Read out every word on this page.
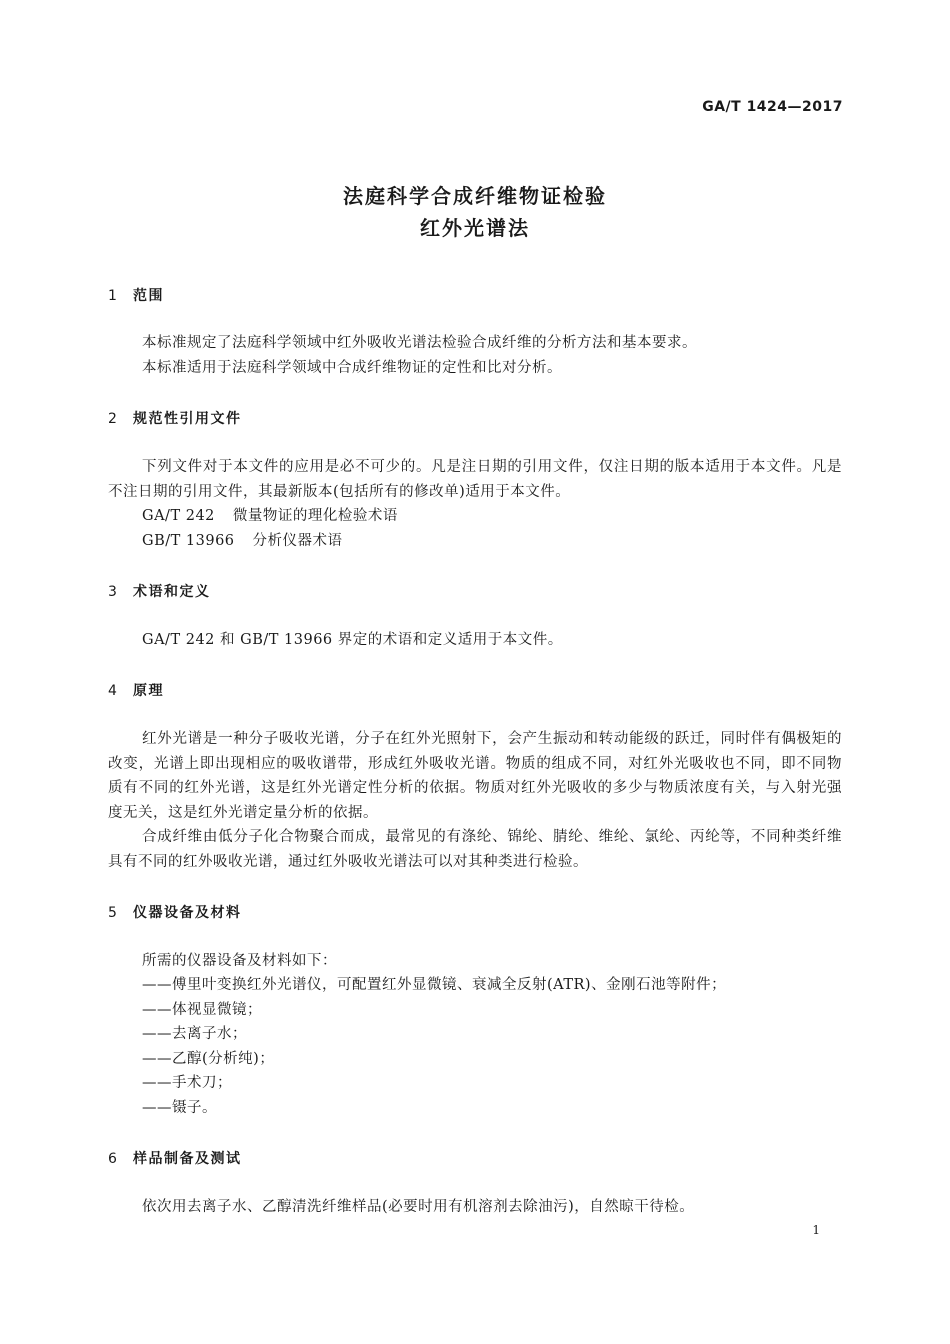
GA/T 1424—2017
法庭科学合成纤维物证检验
红外光谱法
1 范围
本标准规定了法庭科学领域中红外吸收光谱法检验合成纤维的分析方法和基本要求。
本标准适用于法庭科学领域中合成纤维物证的定性和比对分析。
2 规范性引用文件
下列文件对于本文件的应用是必不可少的。凡是注日期的引用文件，仅注日期的版本适用于本文件。凡是不注日期的引用文件，其最新版本(包括所有的修改单)适用于本文件。
GA/T 242 微量物证的理化检验术语
GB/T 13966 分析仪器术语
3 术语和定义
GA/T 242 和 GB/T 13966 界定的术语和定义适用于本文件。
4 原理
红外光谱是一种分子吸收光谱，分子在红外光照射下，会产生振动和转动能级的跃迁，同时伴有偶极矩的改变，光谱上即出现相应的吸收谱带，形成红外吸收光谱。物质的组成不同，对红外光吸收也不同，即不同物质有不同的红外光谱，这是红外光谱定性分析的依据。物质对红外光吸收的多少与物质浓度有关，与入射光强度无关，这是红外光谱定量分析的依据。
合成纤维由低分子化合物聚合而成，最常见的有涤纶、锦纶、腈纶、维纶、氯纶、丙纶等，不同种类纤维具有不同的红外吸收光谱，通过红外吸收光谱法可以对其种类进行检验。
5 仪器设备及材料
所需的仪器设备及材料如下：
——傅里叶变换红外光谱仪，可配置红外显微镜、衰减全反射(ATR)、金刚石池等附件；
——体视显微镜；
——去离子水；
——乙醇(分析纯)；
——手术刀；
——镊子。
6 样品制备及测试
依次用去离子水、乙醇清洗纤维样品(必要时用有机溶剂去除油污)，自然晾干待检。
1
